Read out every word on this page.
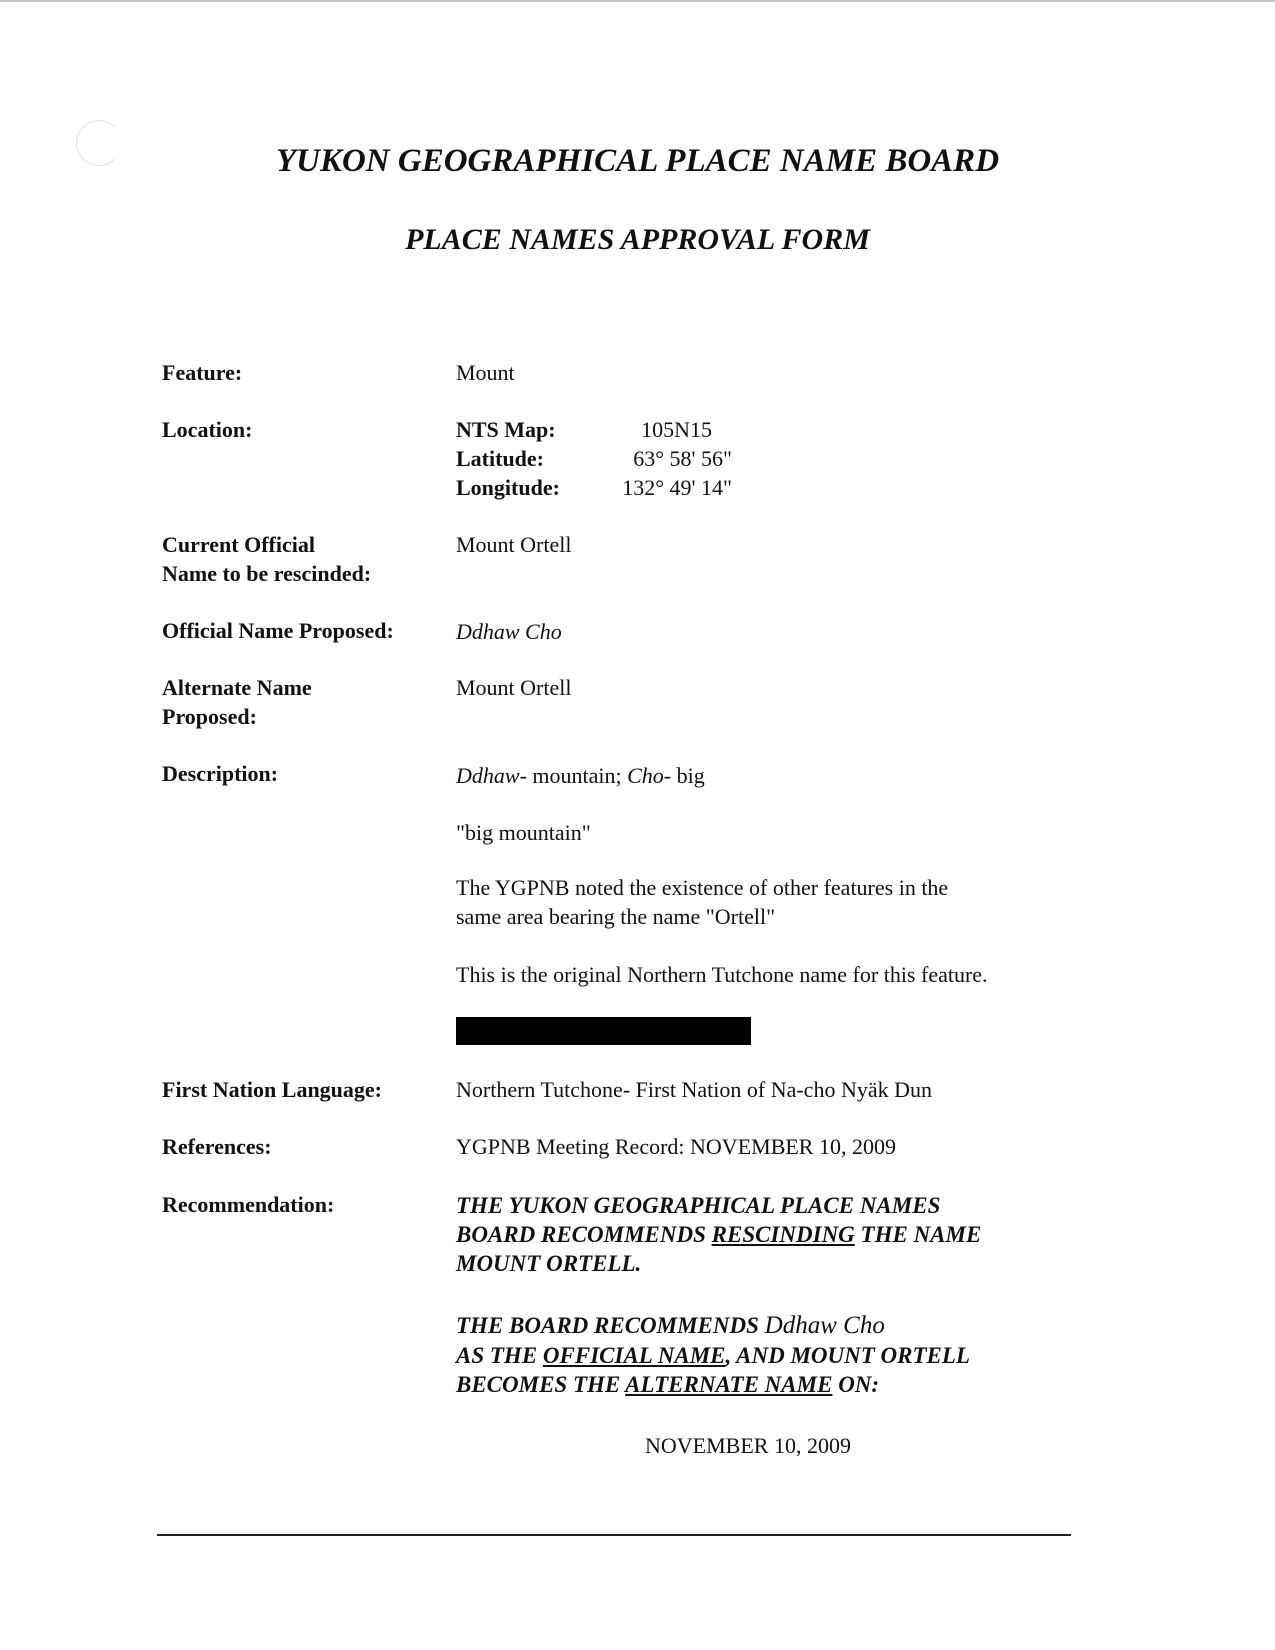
YUKON GEOGRAPHICAL PLACE NAME BOARD
PLACE NAMES APPROVAL FORM
Feature:	Mount
Location:	NTS Map:	105N15
Latitude:	63° 58' 56"
Longitude:	132° 49' 14"
Current Official
Name to be rescinded:
Mount Ortell
Official Name Proposed:	Ddhaw Cho
Alternate Name
Proposed:
Mount Ortell
Description:	Ddhaw- mountain; Cho- big
"big mountain"
The YGPNB noted the existence of other features in the
same area bearing the name "Ortell"
This is the original Northern Tutchone name for this feature.
First Nation Language:	Northern Tutchone- First Nation of Na-cho Nyäk Dun
References:	YGPNB Meeting Record: NOVEMBER 10, 2009
Recommendation:	THE YUKON GEOGRAPHICAL PLACE NAMES
BOARD RECOMMENDS RESCINDING THE NAME
MOUNT ORTELL.
THE BOARD RECOMMENDS Ddhaw Cho
AS THE OFFICIAL NAME, AND MOUNT ORTELL
BECOMES THE ALTERNATE NAME ON:
NOVEMBER 10, 2009
